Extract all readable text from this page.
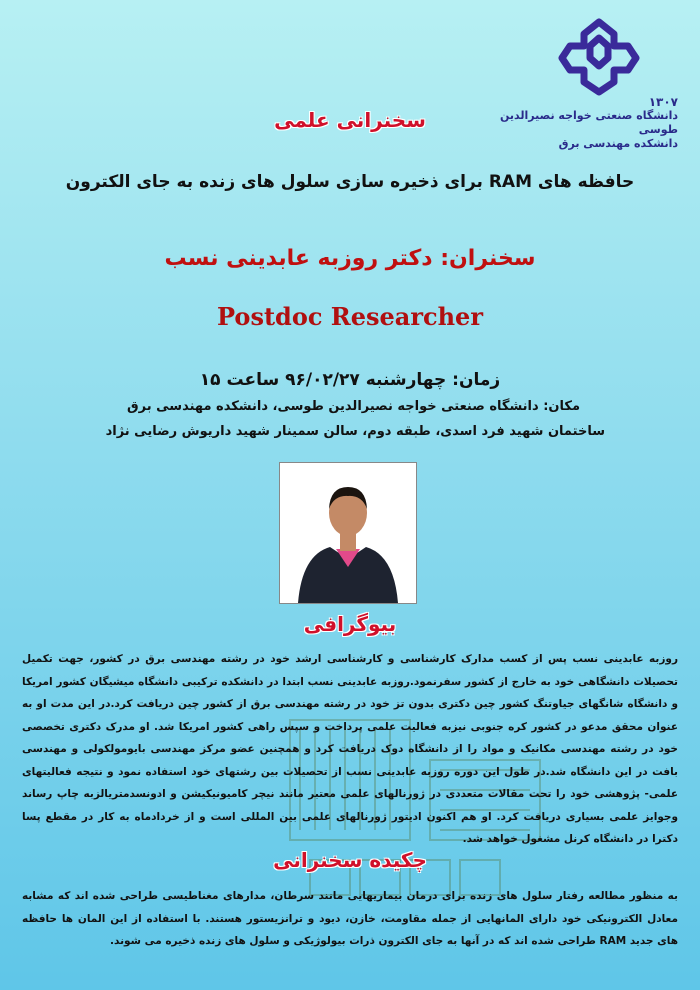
۱۳۰۷
دانشگاه صنعتی خواجه نصیرالدین طوسی
دانشکده مهندسی برق
سخنرانی علمی
حافظه های RAM برای ذخیره سازی سلول های زنده به جای الکترون
سخنران: دکتر روزبه عابدینی نسب
Postdoc Researcher
زمان: چهارشنبه ۹۶/۰۲/۲۷ ساعت ۱۵
مکان: دانشگاه صنعتی خواجه نصیرالدین طوسی، دانشکده مهندسی برق
ساختمان شهید فرد اسدی، طبقه دوم، سالن سمینار شهید داریوش رضایی نژاد
بیوگرافی
روزبه عابدینی نسب پس از کسب مدارک کارشناسی و کارشناسی ارشد خود در رشته مهندسی برق در کشور، جهت تکمیل تحصیلات دانشگاهی خود به خارج از کشور سفرنمود.روزبه عابدینی نسب ابتدا در دانشکده ترکیبی دانشگاه میشیگان کشور امریکا و دانشگاه شانگهای جیاوتنگ کشور چین دکتری بدون تز خود در رشته مهندسی برق از کشور چین دریافت کرد.در این مدت او به عنوان محقق مدعو در کشور کره جنوبی نیزبه فعالیت علمی پرداخت و سپس راهی کشور امریکا شد. او مدرک دکتری تخصصی خود در رشته مهندسی مکانیک و مواد را از دانشگاه دوک دریافت کرد و همچنین عضو مرکز مهندسی بایومولکولی و مهندسی بافت در این دانشگاه شد.در طول این دوره روزبه عابدینی نسب از تحصیلات بین رشتهای خود استفاده نمود و نتیجه فعالیتهای علمی- پژوهشی خود را تحت مقالات متعددی در ژورنالهای علمی معتبر مانند نیچر کامیونیکیشن و ادونسدمتریالزبه چاپ رساند وجوایز علمی بسیاری دریافت کرد. او هم اکنون ادیتور ژورنالهای علمی بین المللی است و از خردادماه به کار در مقطع پسا دکترا در دانشگاه کرنل مشغول خواهد شد.
چکیده سخنرانی
به منظور مطالعه رفتار سلول های زنده برای درمان بیماریهایی مانند سرطان، مدارهای مغناطیسی طراحی شده اند که مشابه معادل الکترونیکی خود دارای المانهایی از جمله مقاومت، خازن، دیود و ترانزیستور هستند. با استفاده از این المان ها حافظه های جدید RAM طراحی شده اند که در آنها به جای الکترون ذرات بیولوژیکی و سلول های زنده ذخیره می شوند.
